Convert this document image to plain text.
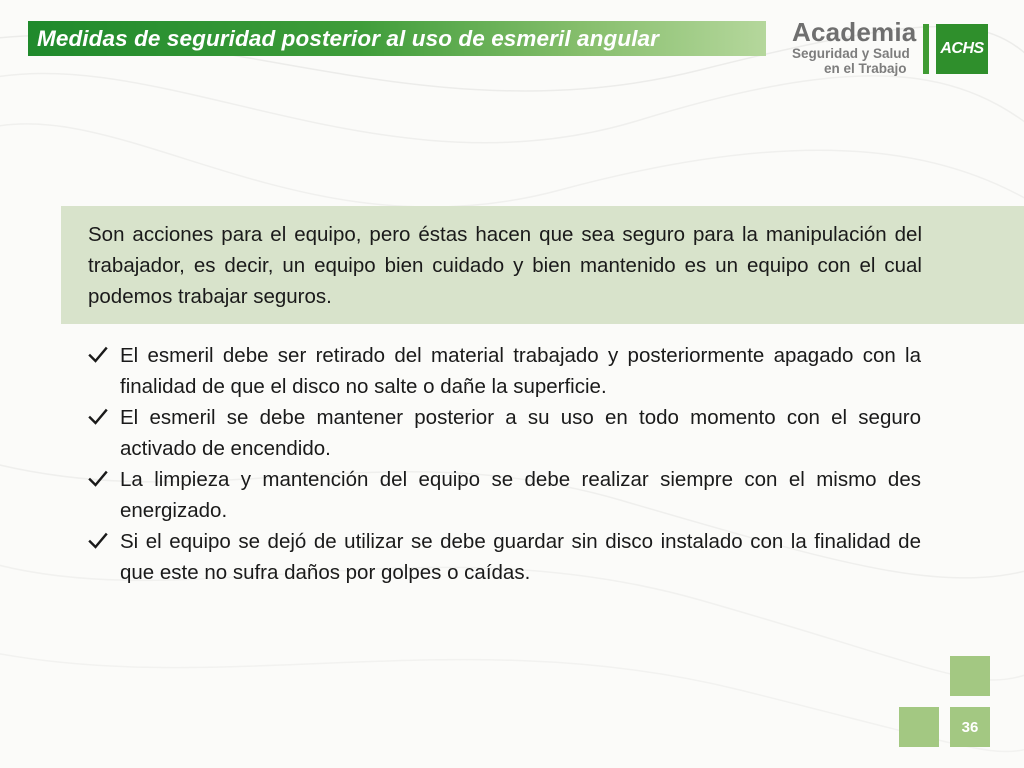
Medidas de seguridad posterior al uso de esmeril angular	Academia
Seguridad y Salud
en el Trabajo
ACHS

Son acciones para el equipo, pero éstas hacen que sea seguro para la manipulación del trabajador, es decir, un equipo bien cuidado y bien mantenido es un equipo con el cual podemos trabajar seguros.

El esmeril debe ser retirado del material trabajado y posteriormente apagado con la finalidad de que el disco no salte o dañe la superficie.
El esmeril se debe mantener posterior a su uso en todo momento con el seguro activado de encendido.
La limpieza y mantención del equipo se debe realizar siempre con el mismo des energizado.
Si el equipo se dejó de utilizar se debe guardar sin disco instalado con la finalidad de que este no sufra daños por golpes o caídas.
36
